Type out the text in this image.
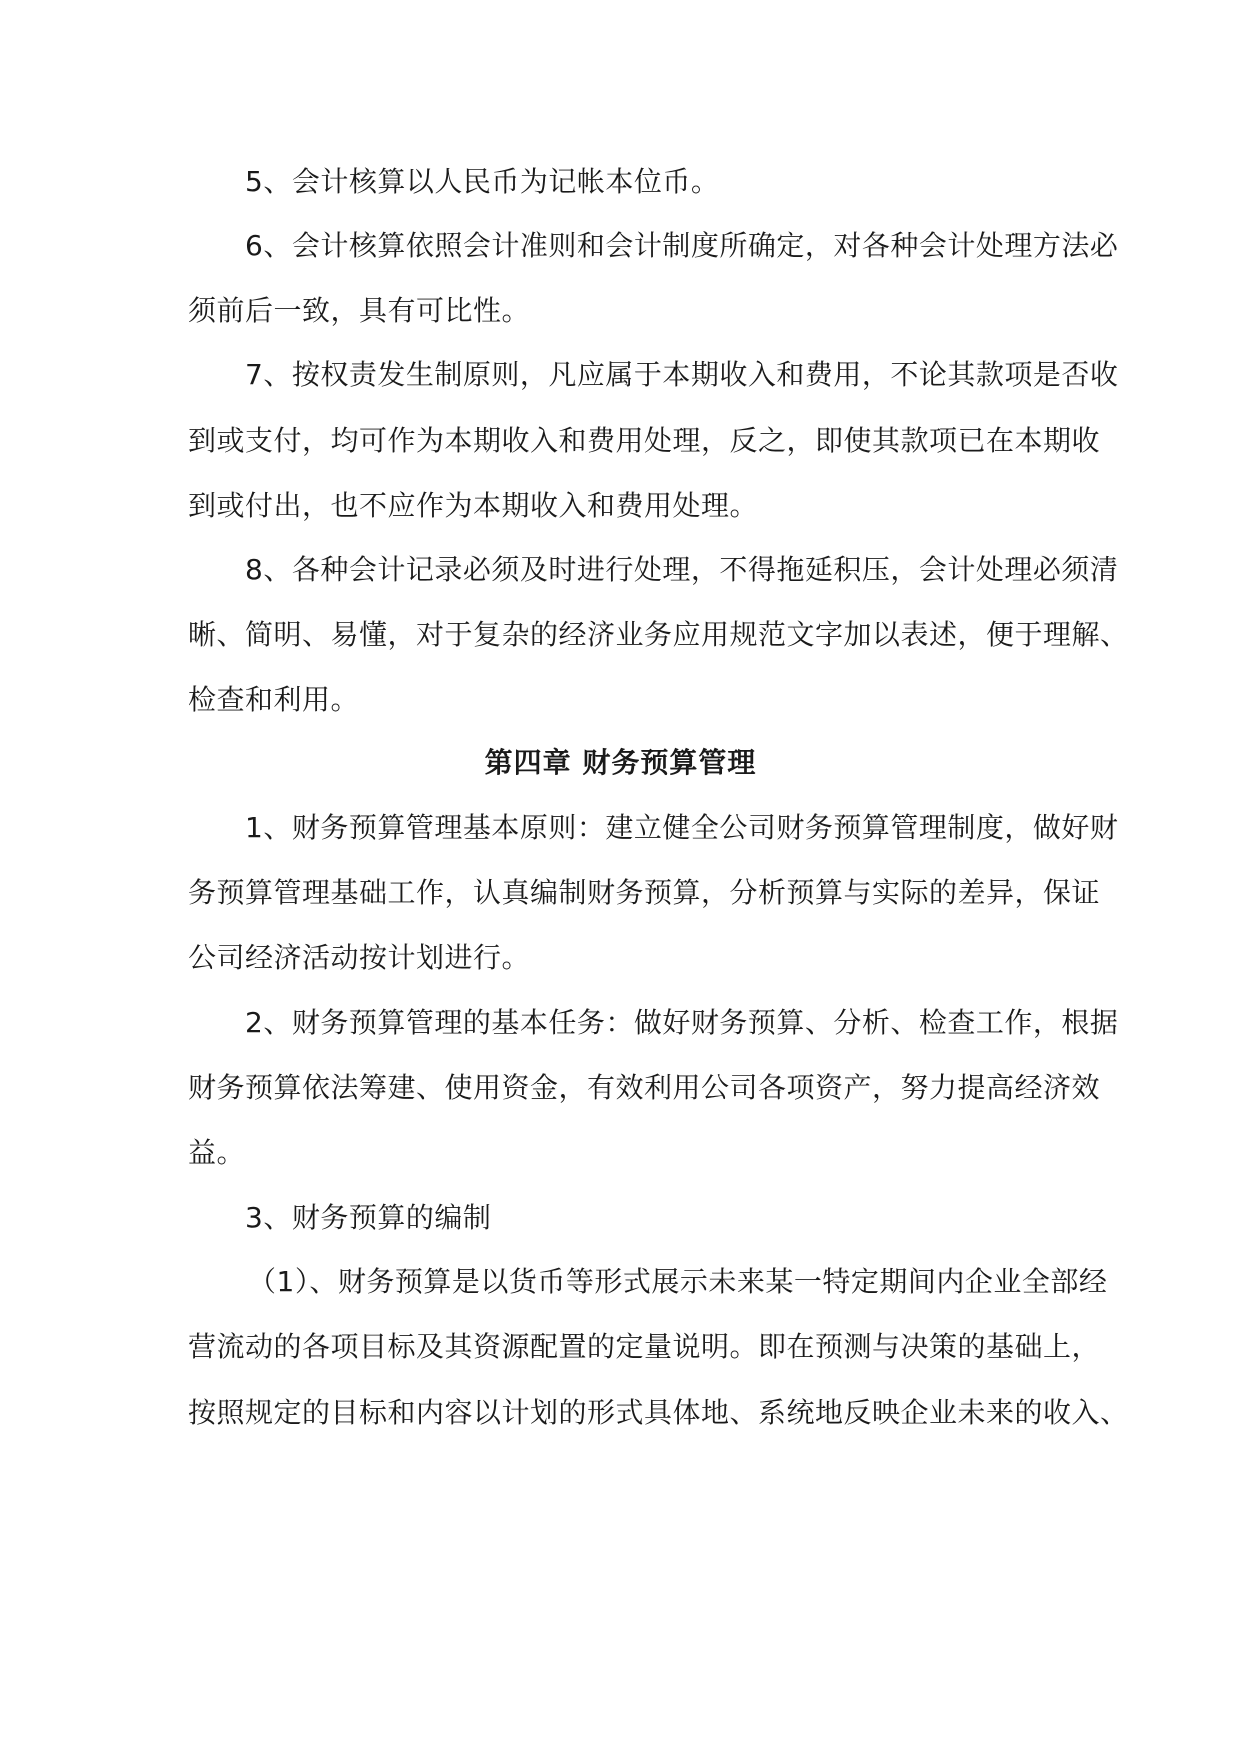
5、会计核算以人民币为记帐本位币。
6、会计核算依照会计准则和会计制度所确定，对各种会计处理方法必
须前后一致，具有可比性。
7、按权责发生制原则，凡应属于本期收入和费用，不论其款项是否收
到或支付，均可作为本期收入和费用处理，反之，即使其款项已在本期收
到或付出，也不应作为本期收入和费用处理。
8、各种会计记录必须及时进行处理，不得拖延积压，会计处理必须清
晰、简明、易懂，对于复杂的经济业务应用规范文字加以表述，便于理解、
检查和利用。
第四章 财务预算管理
1、财务预算管理基本原则：建立健全公司财务预算管理制度，做好财
务预算管理基础工作，认真编制财务预算，分析预算与实际的差异，保证
公司经济活动按计划进行。
2、财务预算管理的基本任务：做好财务预算、分析、检查工作，根据
财务预算依法筹建、使用资金，有效利用公司各项资产，努力提高经济效
益。
3、财务预算的编制
（1）、财务预算是以货币等形式展示未来某一特定期间内企业全部经
营流动的各项目标及其资源配置的定量说明。即在预测与决策的基础上，
按照规定的目标和内容以计划的形式具体地、系统地反映企业未来的收入、
